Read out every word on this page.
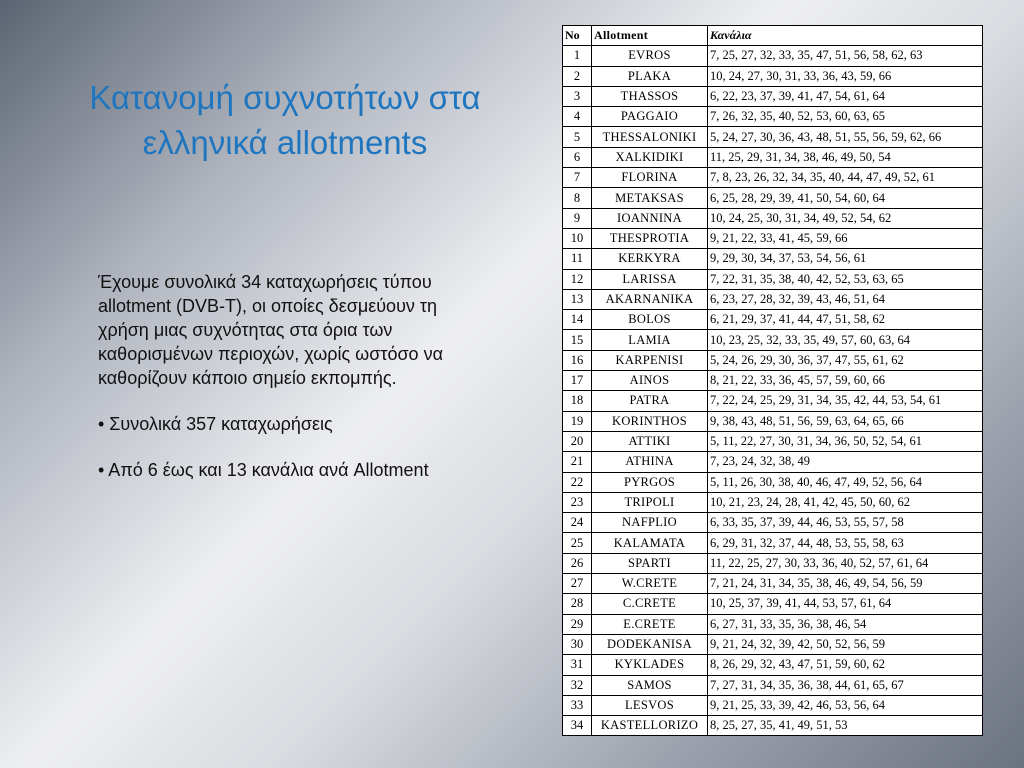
Κατανομή συχνοτήτων στα ελληνικά allotments

Έχουμε συνολικά 34 καταχωρήσεις τύπου allotment (DVB-T), οι οποίες δεσμεύουν τη χρήση μιας συχνότητας στα όρια των καθορισμένων περιοχών, χωρίς ωστόσο να καθορίζουν κάποιο σημείο εκπομπής.

• Συνολικά 357 καταχωρήσεις

• Από 6 έως και 13 κανάλια ανά Allotment

No	Allotment	Κανάλια
1	EVROS	7, 25, 27, 32, 33, 35, 47, 51, 56, 58, 62, 63
2	PLAKA	10, 24, 27, 30, 31, 33, 36, 43, 59, 66
3	THASSOS	6, 22, 23, 37, 39, 41, 47, 54, 61, 64
4	PAGGAIO	7, 26, 32, 35, 40, 52, 53, 60, 63, 65
5	THESSALONIKI	5, 24, 27, 30, 36, 43, 48, 51, 55, 56, 59, 62, 66
6	XALKIDIKI	11, 25, 29, 31, 34, 38, 46, 49, 50, 54
7	FLORINA	7, 8, 23, 26, 32, 34, 35, 40, 44, 47, 49, 52, 61
8	METAKSAS	6, 25, 28, 29, 39, 41, 50, 54, 60, 64
9	IOANNINA	10, 24, 25, 30, 31, 34, 49, 52, 54, 62
10	THESPROTIA	9, 21, 22, 33, 41, 45, 59, 66
11	KERKYRA	9, 29, 30, 34, 37, 53, 54, 56, 61
12	LARISSA	7, 22, 31, 35, 38, 40, 42, 52, 53, 63, 65
13	AKARNANIKA	6, 23, 27, 28, 32, 39, 43, 46, 51, 64
14	BOLOS	6, 21, 29, 37, 41, 44, 47, 51, 58, 62
15	LAMIA	10, 23, 25, 32, 33, 35, 49, 57, 60, 63, 64
16	KARPENISI	5, 24, 26, 29, 30, 36, 37, 47, 55, 61, 62
17	AINOS	8, 21, 22, 33, 36, 45, 57, 59, 60, 66
18	PATRA	7, 22, 24, 25, 29, 31, 34, 35, 42, 44, 53, 54, 61
19	KORINTHOS	9, 38, 43, 48, 51, 56, 59, 63, 64, 65, 66
20	ATTIKI	5, 11, 22, 27, 30, 31, 34, 36, 50, 52, 54, 61
21	ATHINA	7, 23, 24, 32, 38, 49
22	PYRGOS	5, 11, 26, 30, 38, 40, 46, 47, 49, 52, 56, 64
23	TRIPOLI	10, 21, 23, 24, 28, 41, 42, 45, 50, 60, 62
24	NAFPLIO	6, 33, 35, 37, 39, 44, 46, 53, 55, 57, 58
25	KALAMATA	6, 29, 31, 32, 37, 44, 48, 53, 55, 58, 63
26	SPARTI	11, 22, 25, 27, 30, 33, 36, 40, 52, 57, 61, 64
27	W.CRETE	7, 21, 24, 31, 34, 35, 38, 46, 49, 54, 56, 59
28	C.CRETE	10, 25, 37, 39, 41, 44, 53, 57, 61, 64
29	E.CRETE	6, 27, 31, 33, 35, 36, 38, 46, 54
30	DODEKANISA	9, 21, 24, 32, 39, 42, 50, 52, 56, 59
31	KYKLADES	8, 26, 29, 32, 43, 47, 51, 59, 60, 62
32	SAMOS	7, 27, 31, 34, 35, 36, 38, 44, 61, 65, 67
33	LESVOS	9, 21, 25, 33, 39, 42, 46, 53, 56, 64
34	KASTELLORIZO	8, 25, 27, 35, 41, 49, 51, 53
